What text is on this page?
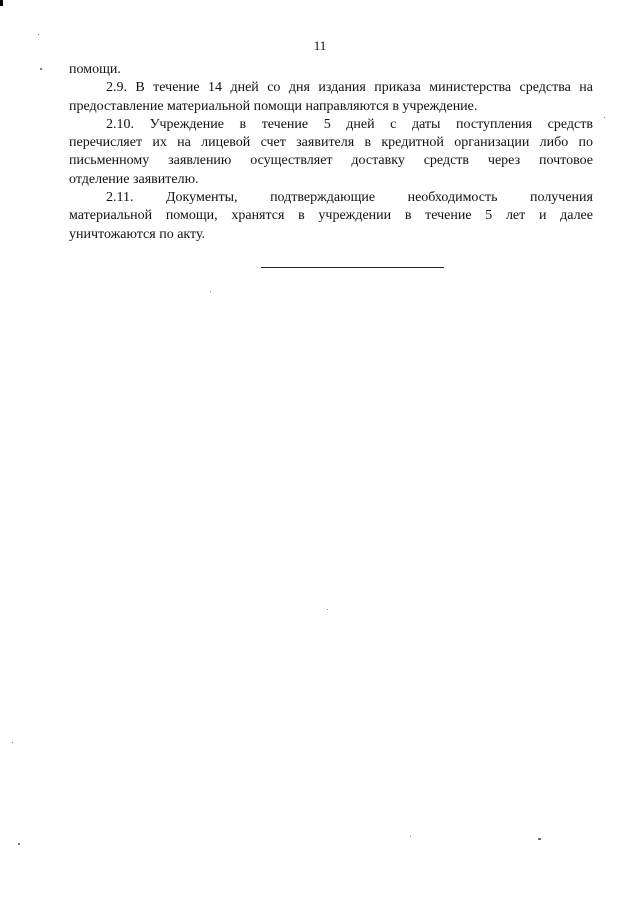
11
помощи.
2.9. В течение 14 дней со дня издания приказа министерства средства на
предоставление материальной помощи направляются в учреждение.
2.10. Учреждение в течение 5 дней с даты поступления средств
перечисляет их на лицевой счет заявителя в кредитной организации либо по
письменному заявлению осуществляет доставку средств через почтовое
отделение заявителю.
2.11. Документы, подтверждающие необходимость получения
материальной помощи, хранятся в учреждении в течение 5 лет и далее
уничтожаются по акту.
